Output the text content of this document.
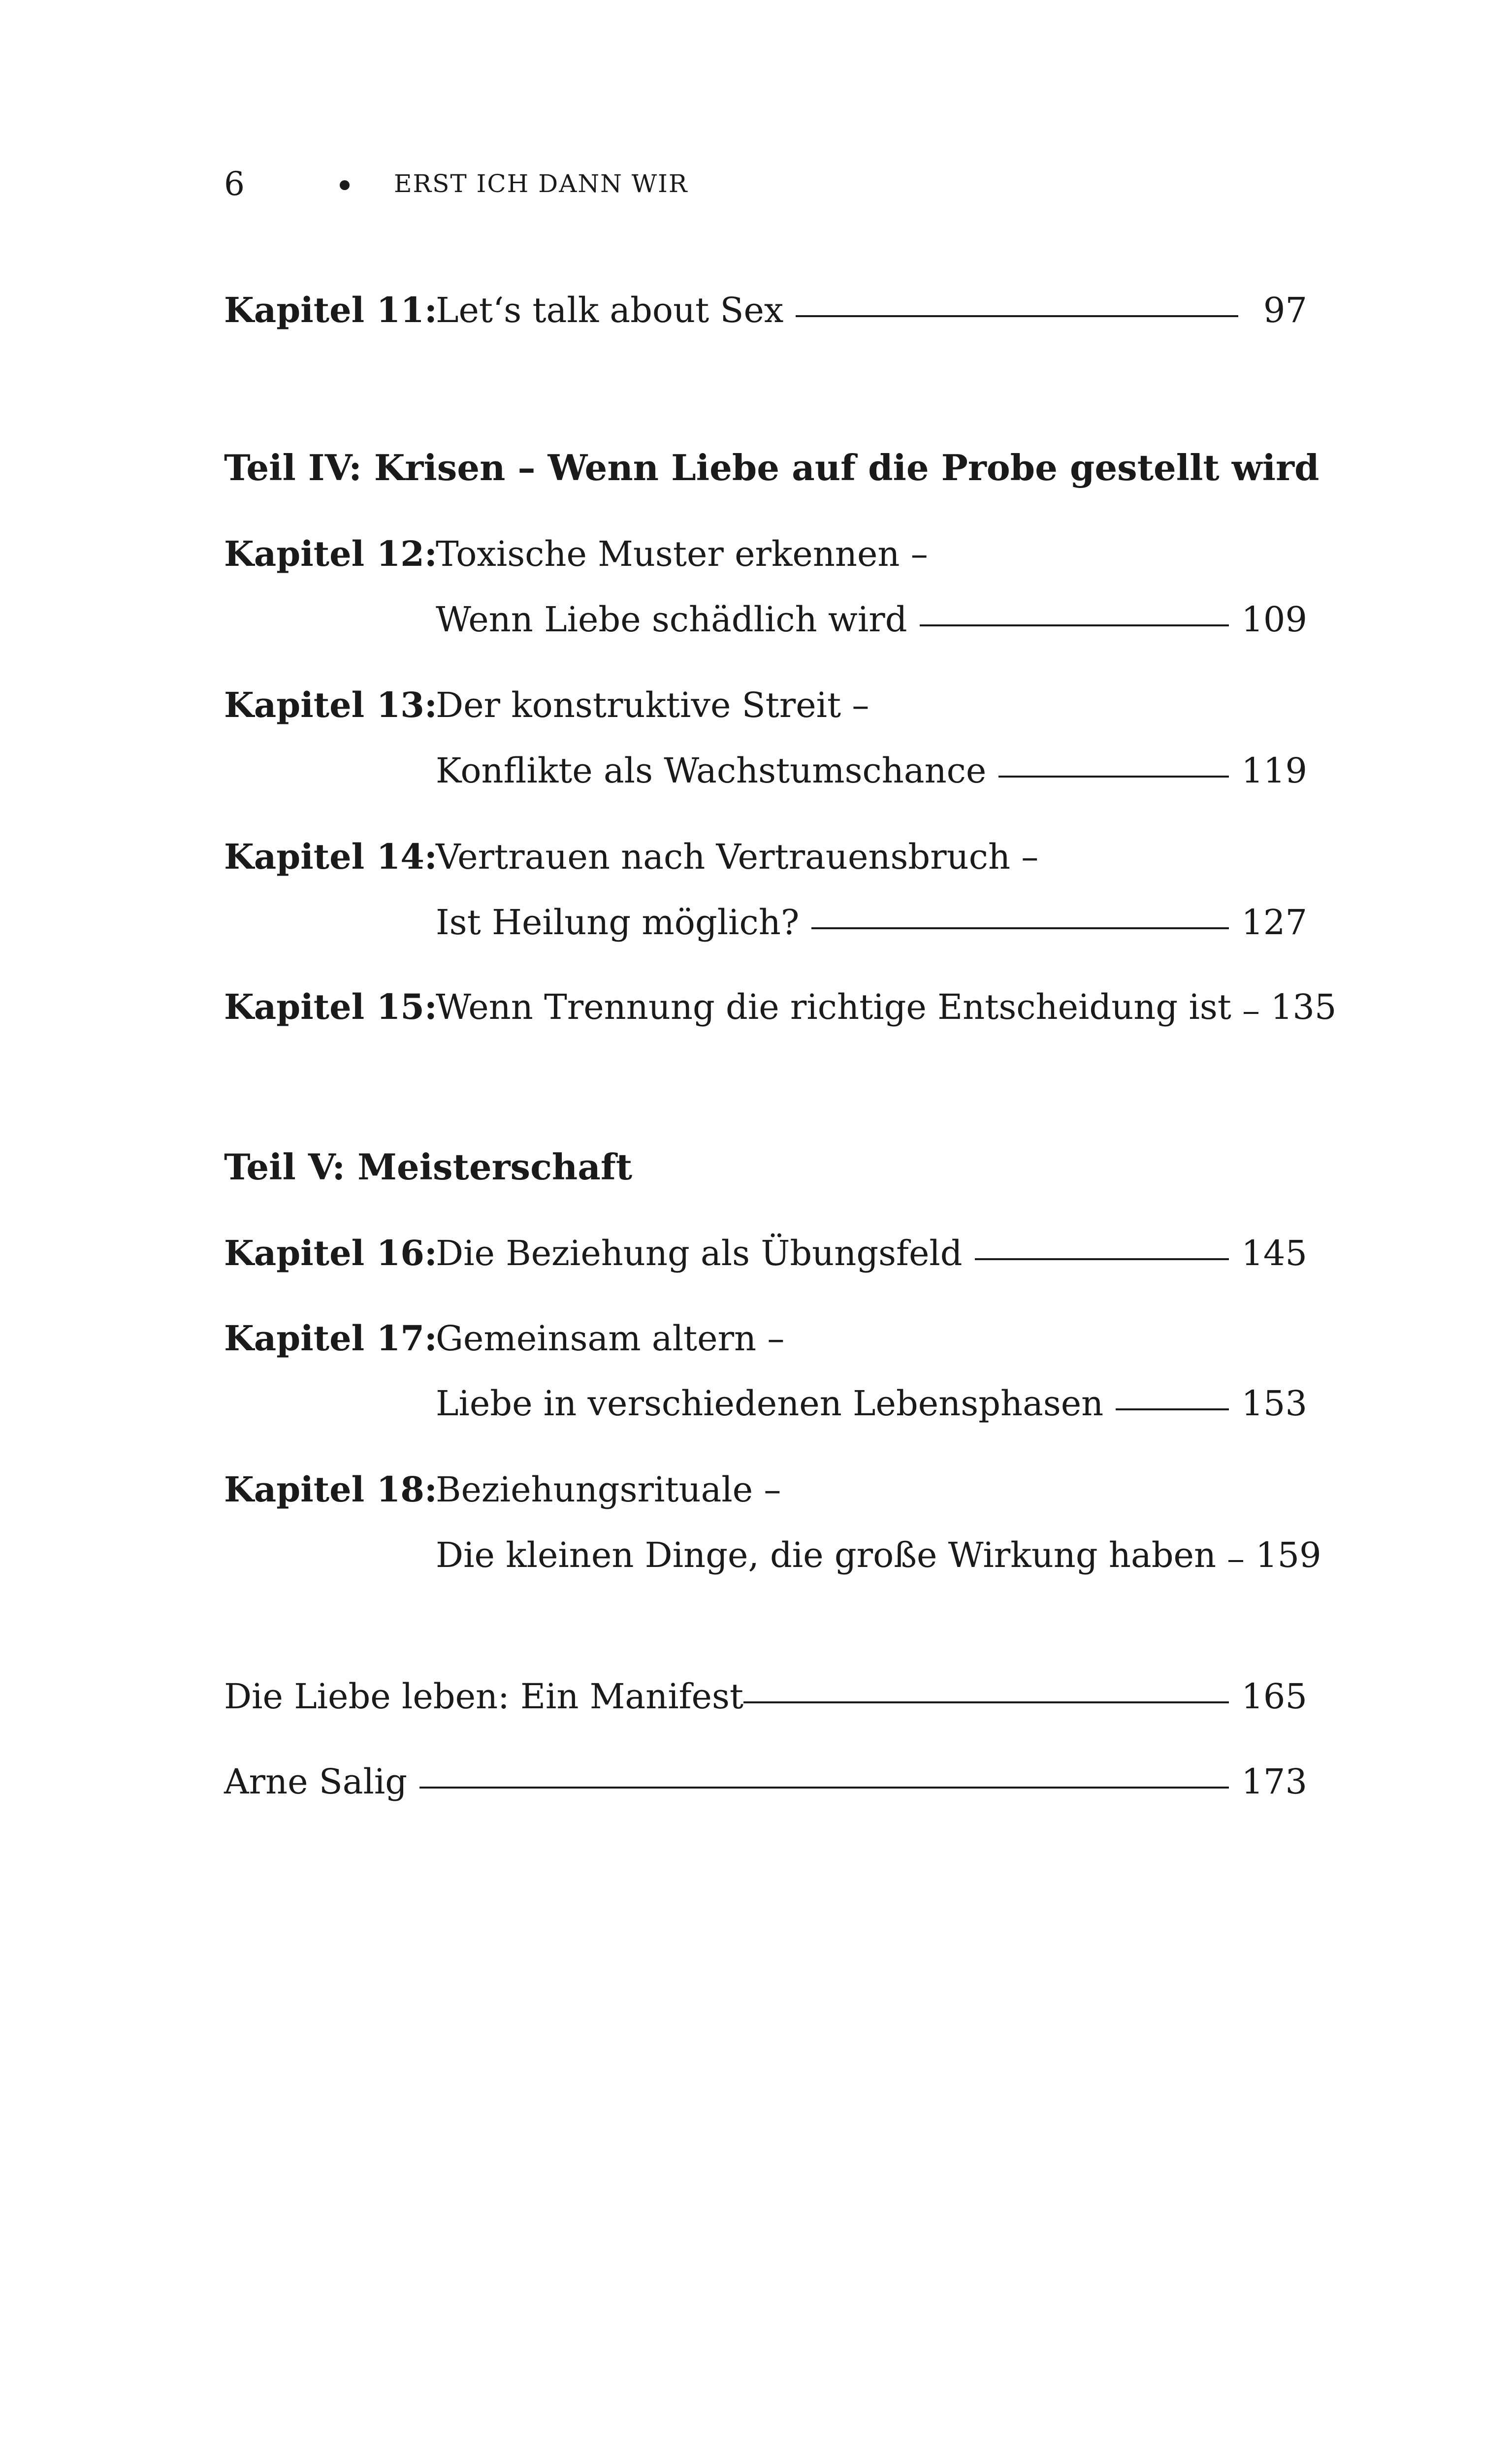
6	ERST ICH DANN WIR
Kapitel 11:
Let‘s talk about Sex	97
Teil IV: Krisen – Wenn Liebe auf die Probe gestellt wird
Kapitel 12:
Toxische Muster erkennen –
Wenn Liebe schädlich wird	109
Kapitel 13:
Der konstruktive Streit –
Konflikte als Wachstumschance	119
Kapitel 14:
Vertrauen nach Vertrauensbruch –
Ist Heilung möglich?	127
Kapitel 15:
Wenn Trennung die richtige Entscheidung ist 135
Teil V: Meisterschaft
Kapitel 16:
Die Beziehung als Übungsfeld	145
Kapitel 17:
Gemeinsam altern –
Liebe in verschiedenen Lebensphasen	153
Kapitel 18:
Beziehungsrituale –
Die kleinen Dinge, die große Wirkung haben 159
Die Liebe leben: Ein Manifest	165
Arne Salig	173
